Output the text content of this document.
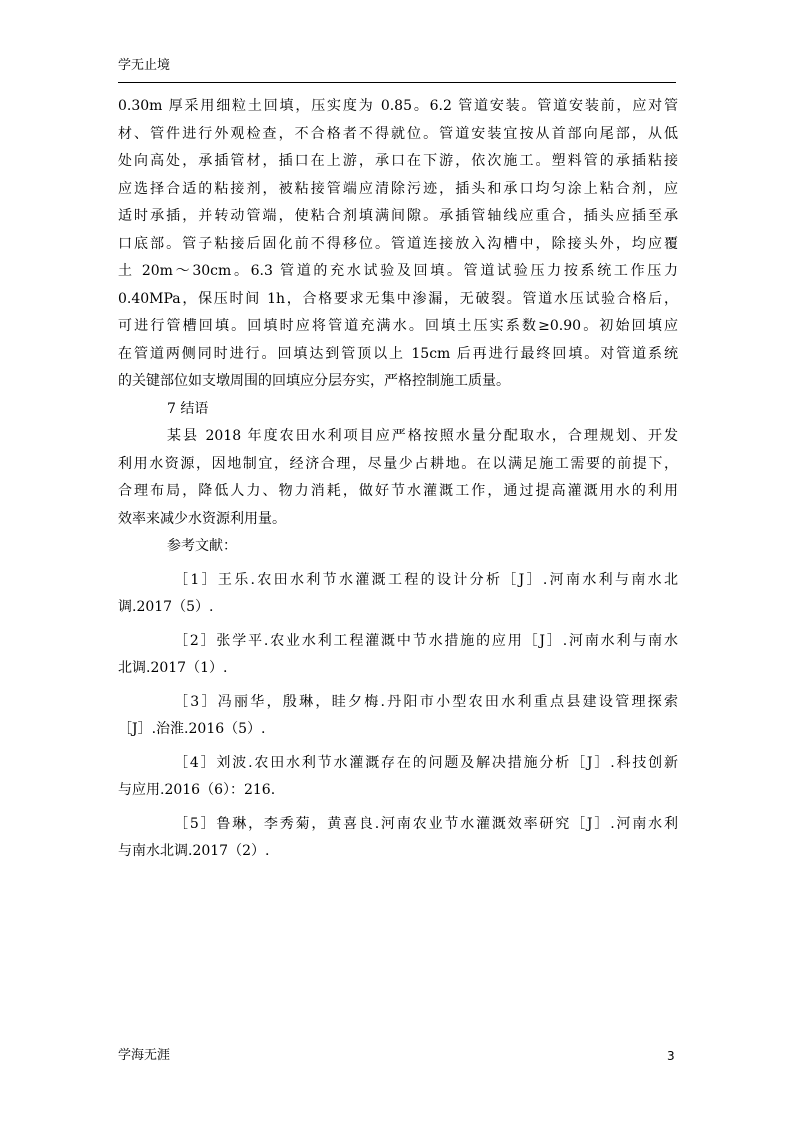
学无止境
0.30m 厚采用细粒土回填，压实度为 0.85。6.2 管道安装。管道安装前，应对管
材、管件进行外观检查，不合格者不得就位。管道安装宜按从首部向尾部，从低
处向高处，承插管材，插口在上游，承口在下游，依次施工。塑料管的承插粘接
应选择合适的粘接剂，被粘接管端应清除污迹，插头和承口均匀涂上粘合剂，应
适时承插，并转动管端，使粘合剂填满间隙。承插管轴线应重合，插头应插至承
口底部。管子粘接后固化前不得移位。管道连接放入沟槽中，除接头外，均应覆
土 20m～30cm。6.3 管道的充水试验及回填。管道试验压力按系统工作压力
0.40MPa，保压时间 1h，合格要求无集中渗漏，无破裂。管道水压试验合格后，
可进行管槽回填。回填时应将管道充满水。回填土压实系数≥0.90。初始回填应
在管道两侧同时进行。回填达到管顶以上 15cm 后再进行最终回填。对管道系统
的关键部位如支墩周围的回填应分层夯实，严格控制施工质量。
7 结语
某县 2018 年度农田水利项目应严格按照水量分配取水，合理规划、开发
利用水资源，因地制宜，经济合理，尽量少占耕地。在以满足施工需要的前提下，
合理布局，降低人力、物力消耗，做好节水灌溉工作，通过提高灌溉用水的利用
效率来减少水资源利用量。
参考文献：
［1］王乐.农田水利节水灌溉工程的设计分析［J］.河南水利与南水北
调.2017（5）.
［2］张学平.农业水利工程灌溉中节水措施的应用［J］.河南水利与南水
北调.2017（1）.
［3］冯丽华，殷琳，眭夕梅.丹阳市小型农田水利重点县建设管理探索
［J］.治淮.2016（5）.
［4］刘波.农田水利节水灌溉存在的问题及解决措施分析［J］.科技创新
与应用.2016（6）：216.
［5］鲁琳，李秀菊，黄喜良.河南农业节水灌溉效率研究［J］.河南水利
与南水北调.2017（2）.
学海无涯	3
